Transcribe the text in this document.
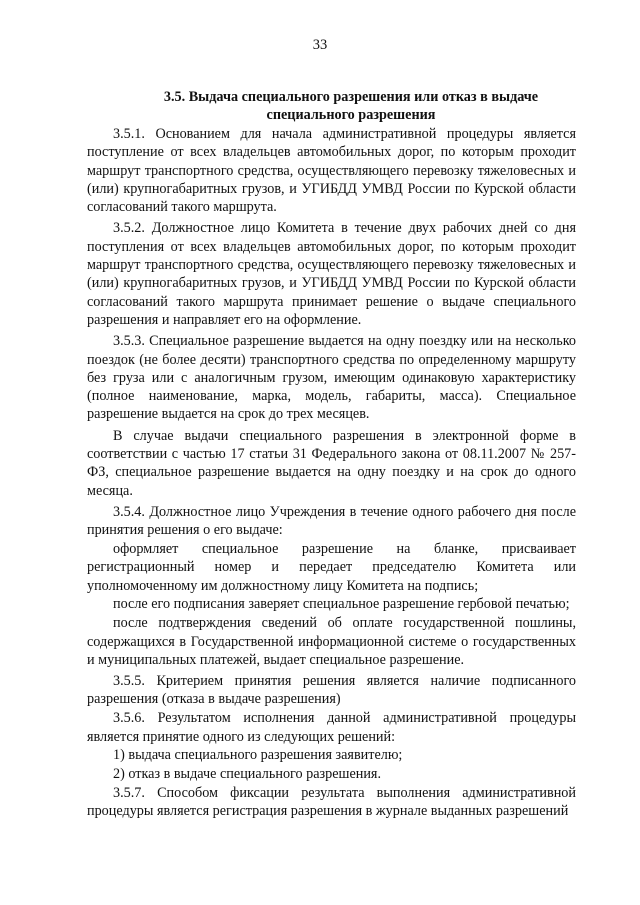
33
3.5. Выдача специального разрешения или отказ в выдаче специального разрешения

3.5.1. Основанием для начала административной процедуры является поступление от всех владельцев автомобильных дорог, по которым проходит маршрут транспортного средства, осуществляющего перевозку тяжеловесных и (или) крупногабаритных грузов, и УГИБДД УМВД России по Курской области согласований такого маршрута.

3.5.2. Должностное лицо Комитета в течение двух рабочих дней со дня поступления от всех владельцев автомобильных дорог, по которым проходит маршрут транспортного средства, осуществляющего перевозку тяжеловесных и (или) крупногабаритных грузов, и УГИБДД УМВД России по Курской области согласований такого маршрута принимает решение о выдаче специального разрешения и направляет его на оформление.

3.5.3. Специальное разрешение выдается на одну поездку или на несколько поездок (не более десяти) транспортного средства по определенному маршруту без груза или с аналогичным грузом, имеющим одинаковую характеристику (полное наименование, марка, модель, габариты, масса). Специальное разрешение выдается на срок до трех месяцев.

В случае выдачи специального разрешения в электронной форме в соответствии с частью 17 статьи 31 Федерального закона от 08.11.2007 № 257-ФЗ, специальное разрешение выдается на одну поездку и на срок до одного месяца.

3.5.4. Должностное лицо Учреждения в течение одного рабочего дня после принятия решения о его выдаче:

оформляет специальное разрешение на бланке, присваивает регистрационный номер и передает председателю Комитета или уполномоченному им должностному лицу Комитета на подпись;

после его подписания заверяет специальное разрешение гербовой печатью;

после подтверждения сведений об оплате государственной пошлины, содержащихся в Государственной информационной системе о государственных и муниципальных платежей, выдает специальное разрешение.

3.5.5. Критерием принятия решения является наличие подписанного разрешения (отказа в выдаче разрешения)

3.5.6. Результатом исполнения данной административной процедуры является принятие одного из следующих решений:

1) выдача специального разрешения заявителю;

2) отказ в выдаче специального разрешения.

3.5.7. Способом фиксации результата выполнения административной процедуры является регистрация разрешения в журнале выданных разрешений
